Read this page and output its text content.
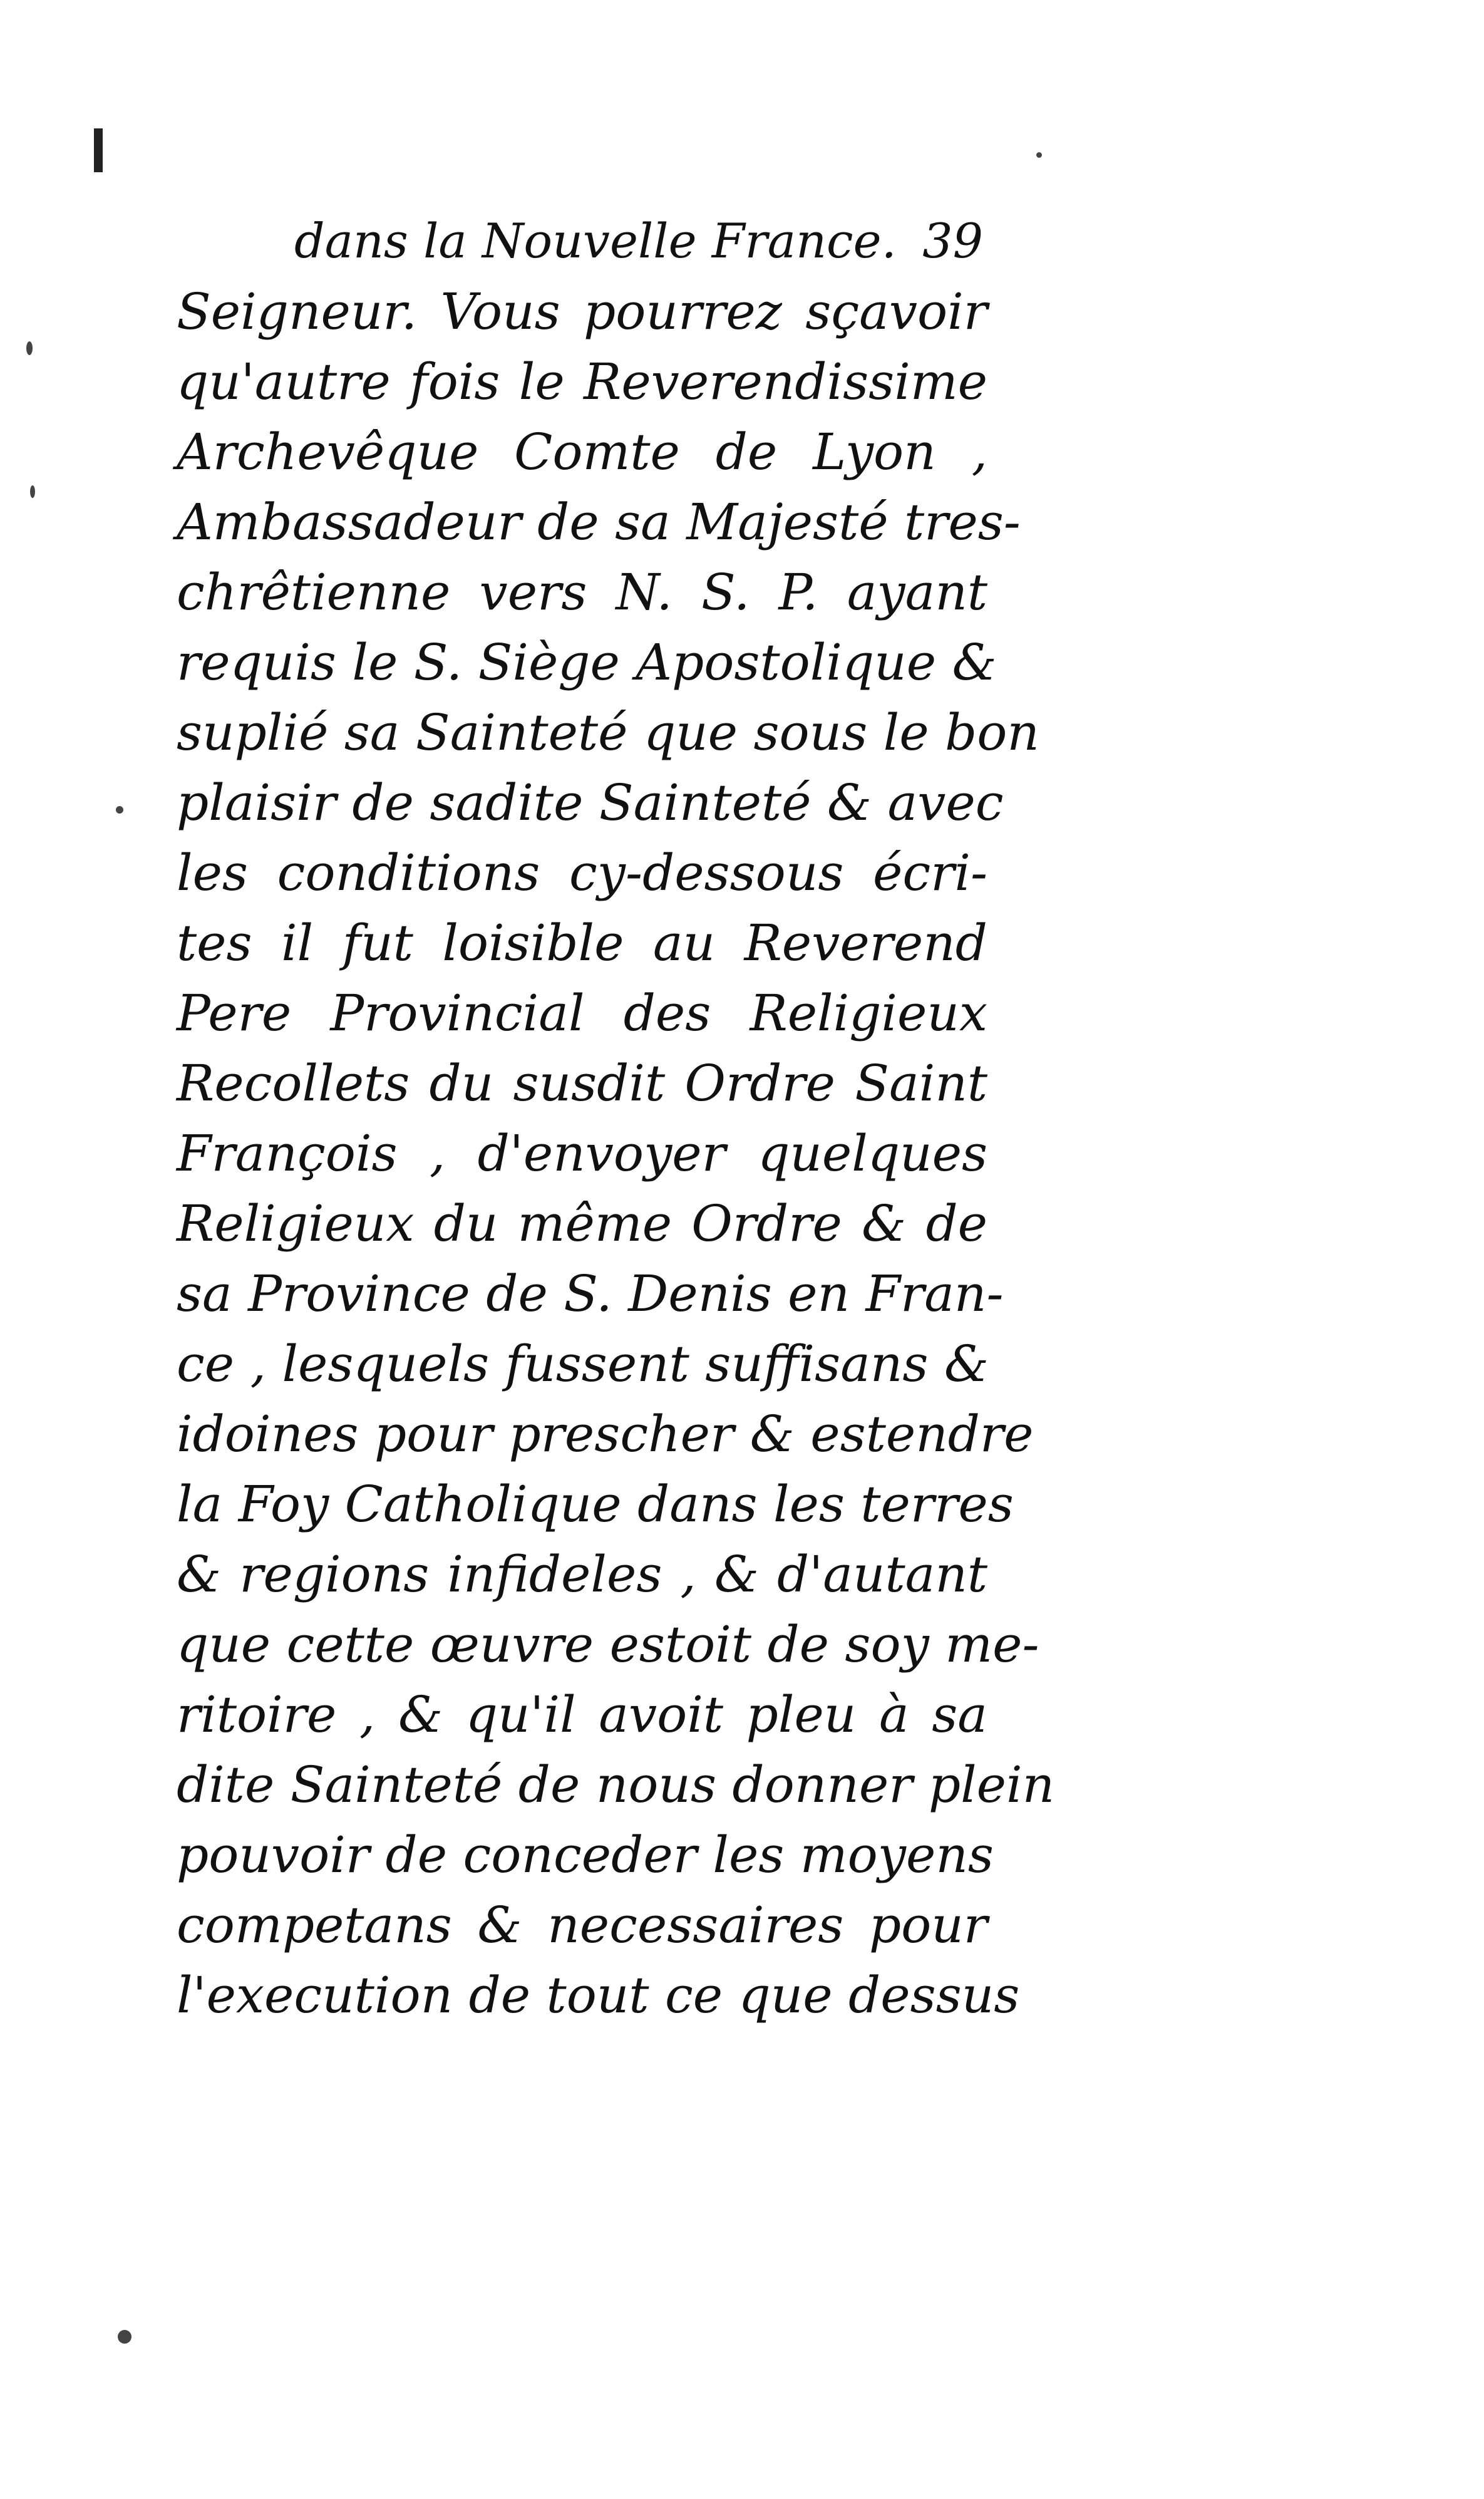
dans la Nouvelle France. 39
Seigneur. Vous pourrez sçavoir
qu'autre fois le Reverendissime
Archevêque Comte de Lyon ,
Ambassadeur de sa Majesté tres-
chrêtienne vers N. S. P. ayant
requis le S. Siège Apostolique &
suplié sa Sainteté que sous le bon
plaisir de sadite Sainteté & avec
les conditions cy-dessous écri-
tes il fut loisible au Reverend
Pere Provincial des Religieux
Recollets du susdit Ordre Saint
François , d'envoyer quelques
Religieux du même Ordre & de
sa Province de S. Denis en Fran-
ce , lesquels fussent suffisans &
idoines pour prescher & estendre
la Foy Catholique dans les terres
& regions infideles , & d'autant
que cette œuvre estoit de soy me-
ritoire , & qu'il avoit pleu à sa
dite Sainteté de nous donner plein
pouvoir de conceder les moyens
competans & necessaires pour
l'execution de tout ce que dessus
